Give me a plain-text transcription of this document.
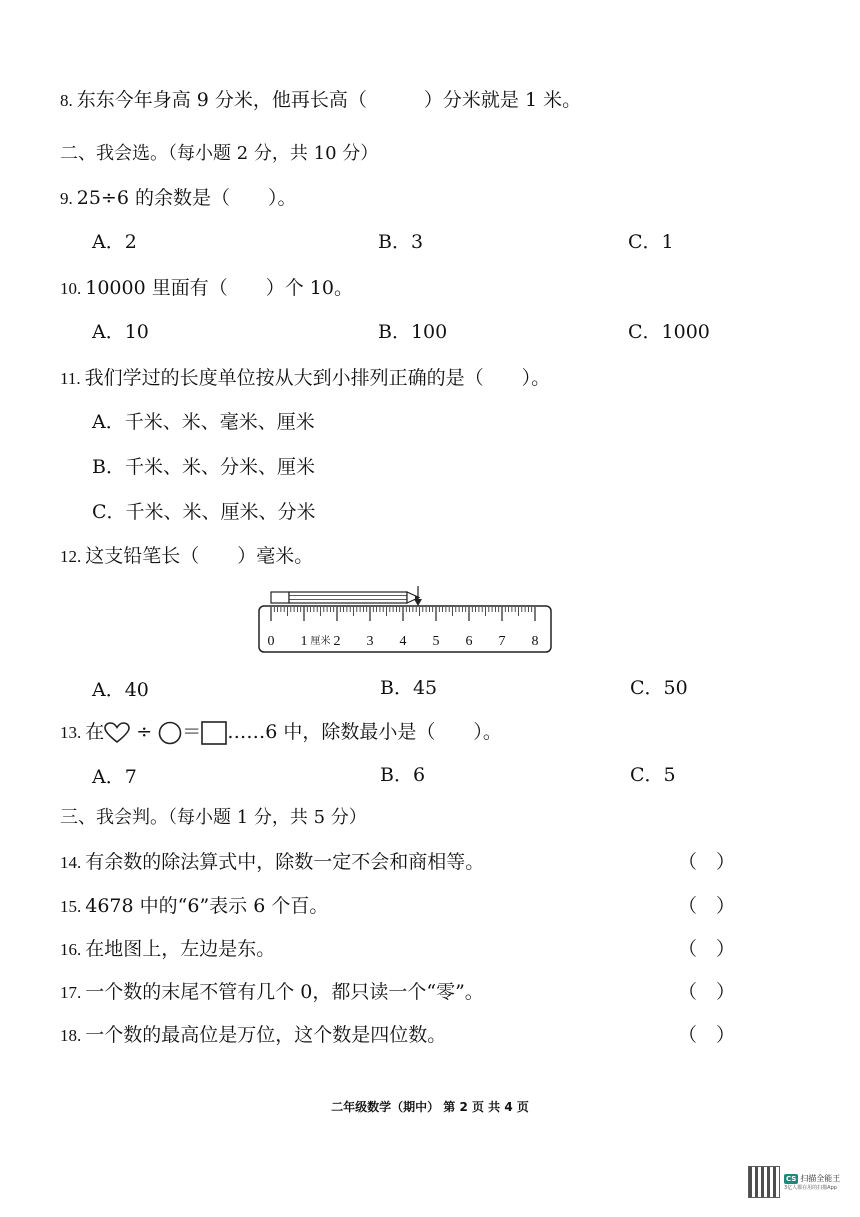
8. 东东今年身高 9 分米，他再长高（　　　）分米就是 1 米。
二、我会选。（每小题 2 分，共 10 分）
9. 25÷6 的余数是（　　）。
A．2	B．3	C．1
10. 10000 里面有（　　）个 10。
A．10	B．100	C．1000
11. 我们学过的长度单位按从大到小排列正确的是（　　）。
A．千米、米、毫米、厘米
B．千米、米、分米、厘米
C．千米、米、厘米、分米
12. 这支铅笔长（　　）毫米。
0 1 2 3 4 5 6 7 8
厘米
A．40	B．45	C．50
13. 在 ÷ ＝ ……6 中，除数最小是（　　）。
A．7	B．6	C．5
三、我会判。（每小题 1 分，共 5 分）
14. 有余数的除法算式中，除数一定不会和商相等。	（　）
15. 4678 中的“6”表示 6 个百。	（　）
16. 在地图上，左边是东。	（　）
17. 一个数的末尾不管有几个 0，都只读一个“零”。	（　）
18. 一个数的最高位是万位，这个数是四位数。	（　）
二年级数学（期中） 第 2 页 共 4 页
CS 扫描全能王
3亿人都在用的扫描App
